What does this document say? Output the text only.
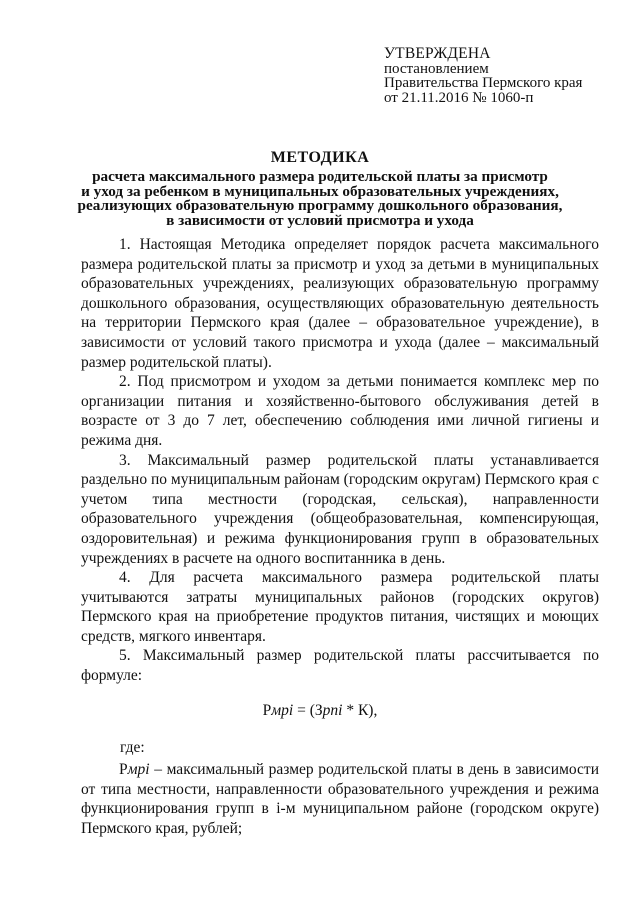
УТВЕРЖДЕНА
постановлением
Правительства Пермского края
от 21.11.2016 № 1060-п
МЕТОДИКА
расчета максимального размера родительской платы за присмотр
и уход за ребенком в муниципальных образовательных учреждениях,
реализующих образовательную программу дошкольного образования,
в зависимости от условий присмотра и ухода

1. Настоящая Методика определяет порядок расчета максимального размера родительской платы за присмотр и уход за детьми в муниципальных образовательных учреждениях, реализующих образовательную программу дошкольного образования, осуществляющих образовательную деятельность на территории Пермского края (далее – образовательное учреждение), в зависимости от условий такого присмотра и ухода (далее – максимальный размер родительской платы).

2. Под присмотром и уходом за детьми понимается комплекс мер по организации питания и хозяйственно-бытового обслуживания детей в возрасте от 3 до 7 лет, обеспечению соблюдения ими личной гигиены и режима дня.

3. Максимальный размер родительской платы устанавливается раздельно по муниципальным районам (городским округам) Пермского края с учетом типа местности (городская, сельская), направленности образовательного учреждения (общеобразовательная, компенсирующая, оздоровительная) и режима функционирования групп в образовательных учреждениях в расчете на одного воспитанника в день.

4. Для расчета максимального размера родительской платы учитываются затраты муниципальных районов (городских округов) Пермского края на приобретение продуктов питания, чистящих и моющих средств, мягкого инвентаря.

5. Максимальный размер родительской платы рассчитывается по формуле:

Рмрi = (Зрпi * К),
где:

Рмрi – максимальный размер родительской платы в день в зависимости от типа местности, направленности образовательного учреждения и режима функционирования групп в i-м муниципальном районе (городском округе) Пермского края, рублей;
